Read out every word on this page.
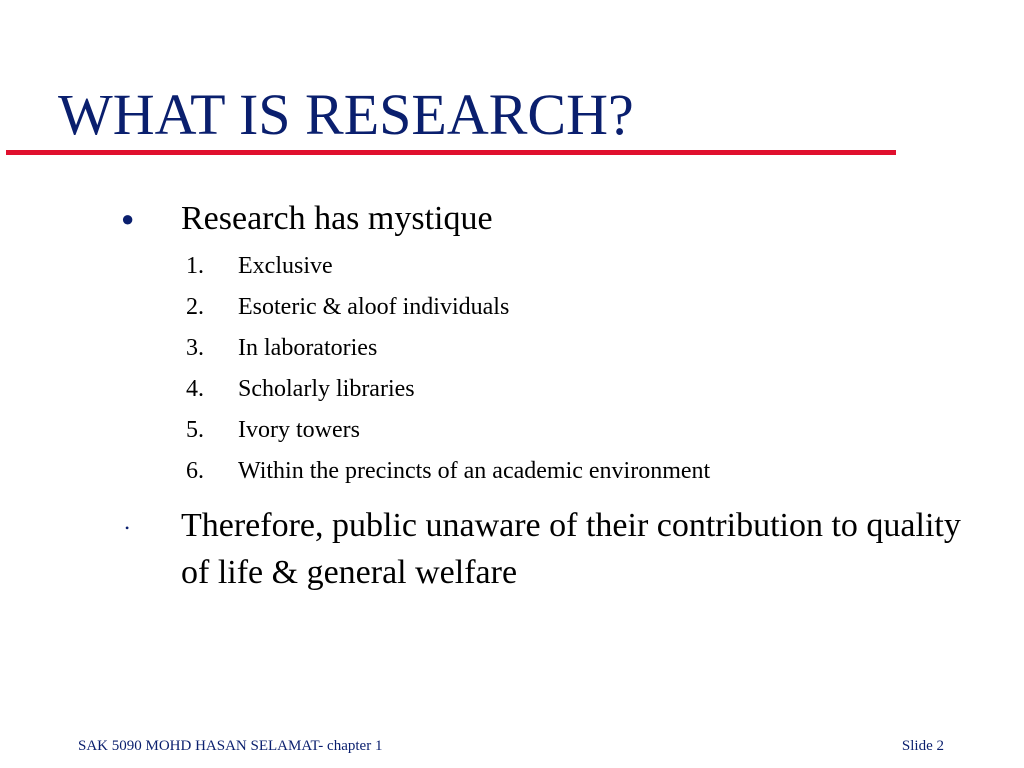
WHAT IS RESEARCH?
● Research has mystique
1. Exclusive
2. Esoteric & aloof individuals
3. In laboratories
4. Scholarly libraries
5. Ivory towers
6. Within the precincts of an academic environment
• Therefore, public unaware of their contribution to quality of life & general welfare
SAK 5090 MOHD HASAN SELAMAT- chapter 1	Slide 2
